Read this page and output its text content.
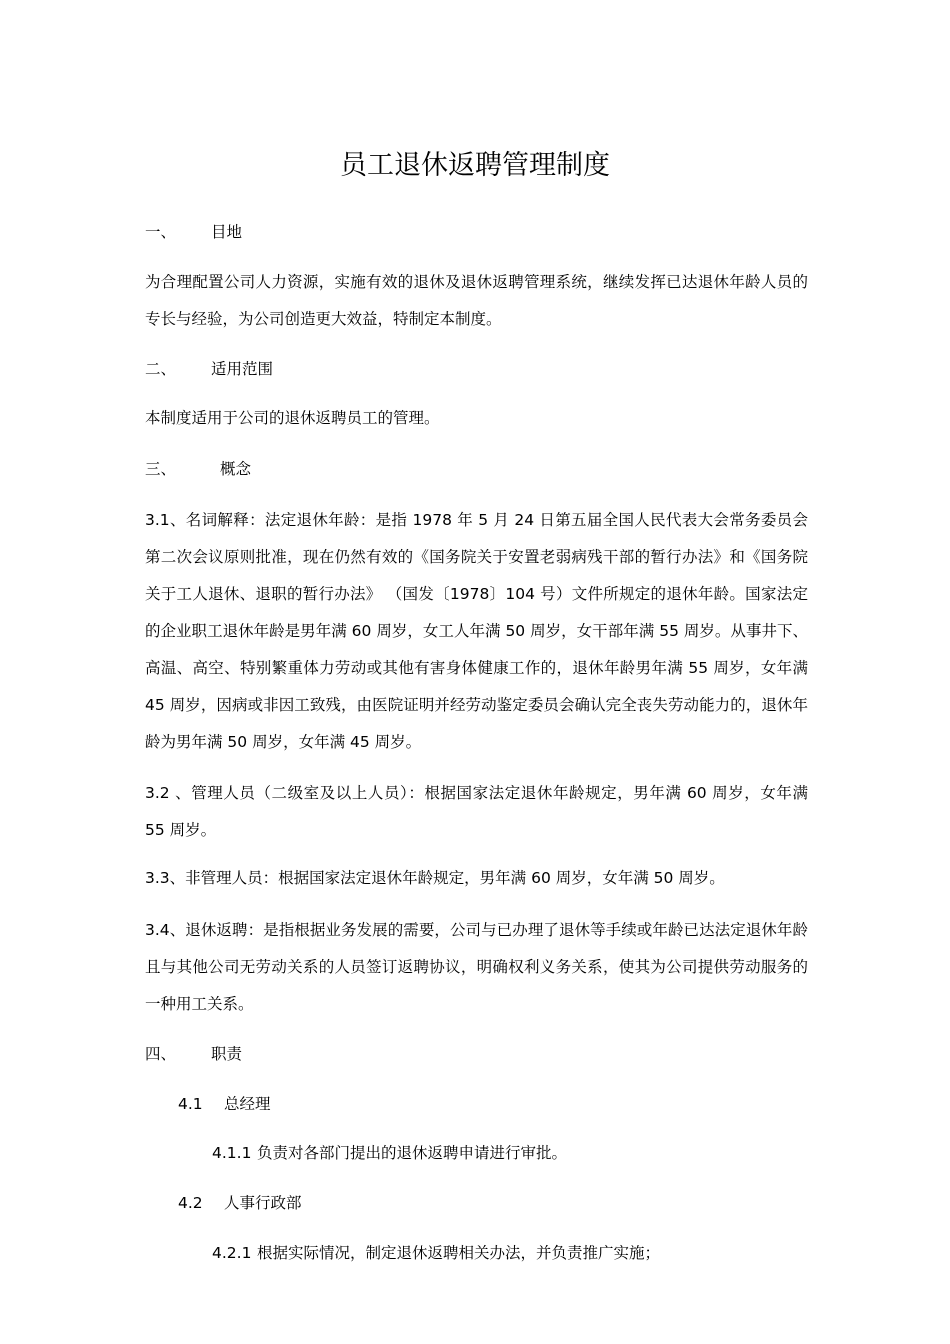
员工退休返聘管理制度
一、 目地

为合理配置公司人力资源，实施有效的退休及退休返聘管理系统，继续发挥已达退休年龄人员的专长与经验，为公司创造更大效益，特制定本制度。

二、 适用范围

本制度适用于公司的退休返聘员工的管理。

三、	概念

3.1、名词解释：法定退休年龄：是指 1978 年 5 月 24 日第五届全国人民代表大会常务委员会第二次会议原则批准，现在仍然有效的《国务院关于安置老弱病残干部的暂行办法》和《国务院关于工人退休、退职的暂行办法》 （国发〔1978〕104 号）文件所规定的退休年龄。国家法定的企业职工退休年龄是男年满 60 周岁，女工人年满 50 周岁，女干部年满 55 周岁。从事井下、高温、高空、特别繁重体力劳动或其他有害身体健康工作的，退休年龄男年满 55 周岁，女年满 45 周岁，因病或非因工致残，由医院证明并经劳动鉴定委员会确认完全丧失劳动能力的，退休年龄为男年满 50 周岁，女年满 45 周岁。

3.2 、管理人员（二级室及以上人员）：根据国家法定退休年龄规定，男年满 60 周岁，女年满 55 周岁。

3.3、非管理人员：根据国家法定退休年龄规定，男年满 60 周岁，女年满 50 周岁。

3.4、退休返聘：是指根据业务发展的需要，公司与已办理了退休等手续或年龄已达法定退休年龄且与其他公司无劳动关系的人员签订返聘协议，明确权利义务关系，使其为公司提供劳动服务的一种用工关系。

四、 职责
4.1 总经理
4.1.1 负责对各部门提出的退休返聘申请进行审批。
4.2 人事行政部
4.2.1 根据实际情况，制定退休返聘相关办法，并负责推广实施；
